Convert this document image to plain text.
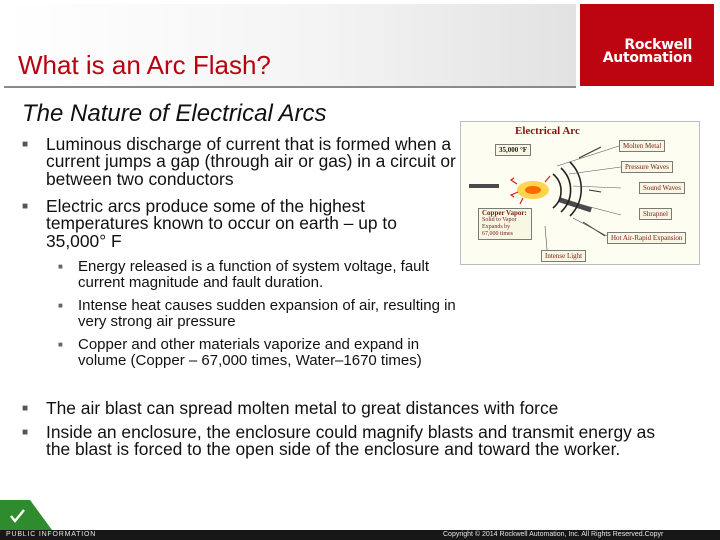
What is an Arc Flash?
Rockwell
Automation
The Nature of Electrical Arcs
■ Luminous discharge of current that is formed when a current jumps a gap (through air or gas) in a circuit or between two conductors
■ Electric arcs produce some of the highest temperatures known to occur on earth – up to 35,000° F
■ Energy released is a function of system voltage, fault current magnitude and fault duration.
■ Intense heat causes sudden expansion of air, resulting in very strong air pressure
■ Copper and other materials vaporize and expand in volume (Copper – 67,000 times, Water–1670 times)
■ The air blast can spread molten metal to great distances with force
■ Inside an enclosure, the enclosure could magnify blasts and transmit energy as the blast is forced to the open side of the enclosure and toward the worker.
Electrical Arc
35,000 °F	Molten Metal
Pressure Waves
Sound Waves
Shrapnel
Hot Air-Rapid Expansion
Intense Light
Copper Vapor:
Solid to Vapor
Expands by
67,000 times
PUBLIC INFORMATION	Copyright © 2014 Rockwell Automation, Inc. All Rights Reserved.Copyr
